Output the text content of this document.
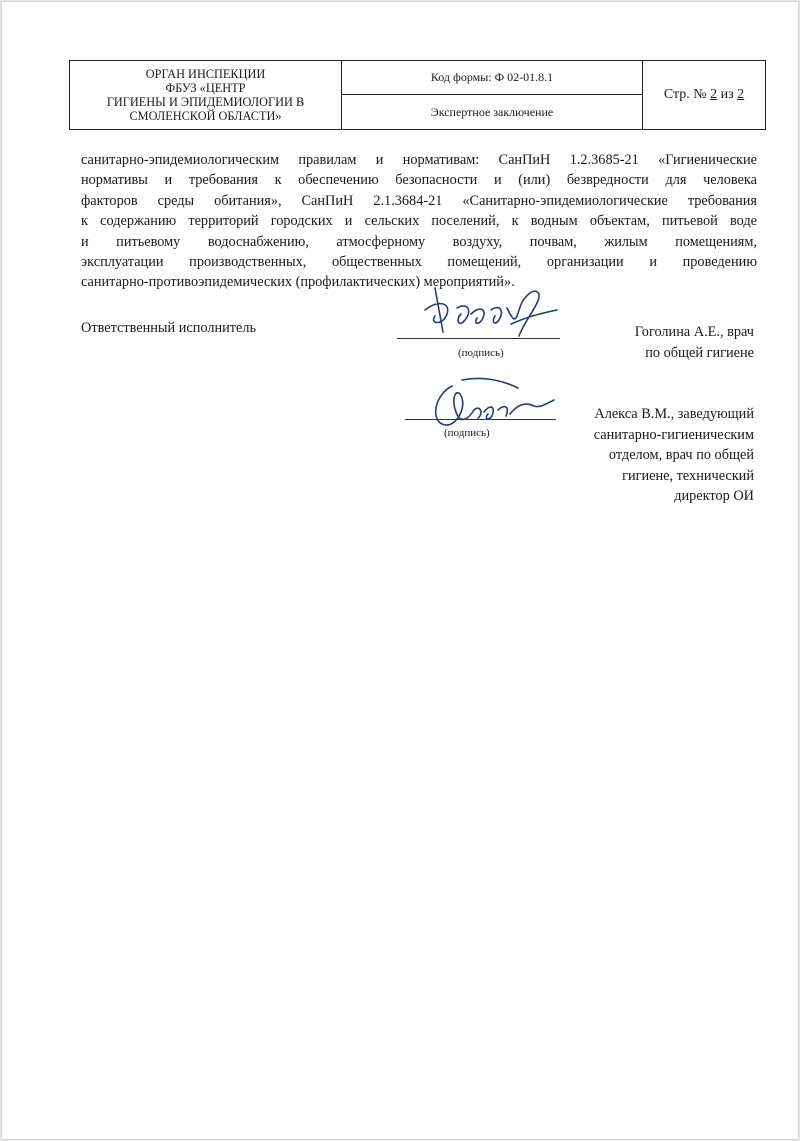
ОРГАН ИНСПЕКЦИИ
ФБУЗ «ЦЕНТР
ГИГИЕНЫ И ЭПИДЕМИОЛОГИИ В
СМОЛЕНСКОЙ ОБЛАСТИ»
	Код формы: Ф 02-01.8.1	Стр. № 2 из 2
Экспертное заключение
санитарно-эпидемиологическим правилам и нормативам: СанПиН 1.2.3685-21 «Гигиенические
нормативы и требования к обеспечению безопасности и (или) безвредности для человека
факторов среды обитания», СанПиН 2.1.3684-21 «Санитарно-эпидемиологические требования
к содержанию территорий городских и сельских поселений, к водным объектам, питьевой воде
и питьевому водоснабжению, атмосферному воздуху, почвам, жилым помещениям,
эксплуатации производственных, общественных помещений, организации и проведению
санитарно-противоэпидемических (профилактических) мероприятий».
Ответственный исполнитель
(подпись)
Гоголина А.Е., врач
по общей гигиене
(подпись)
Алекса В.М., заведующий
санитарно-гигиеническим
отделом, врач по общей
гигиене, технический
директор ОИ
